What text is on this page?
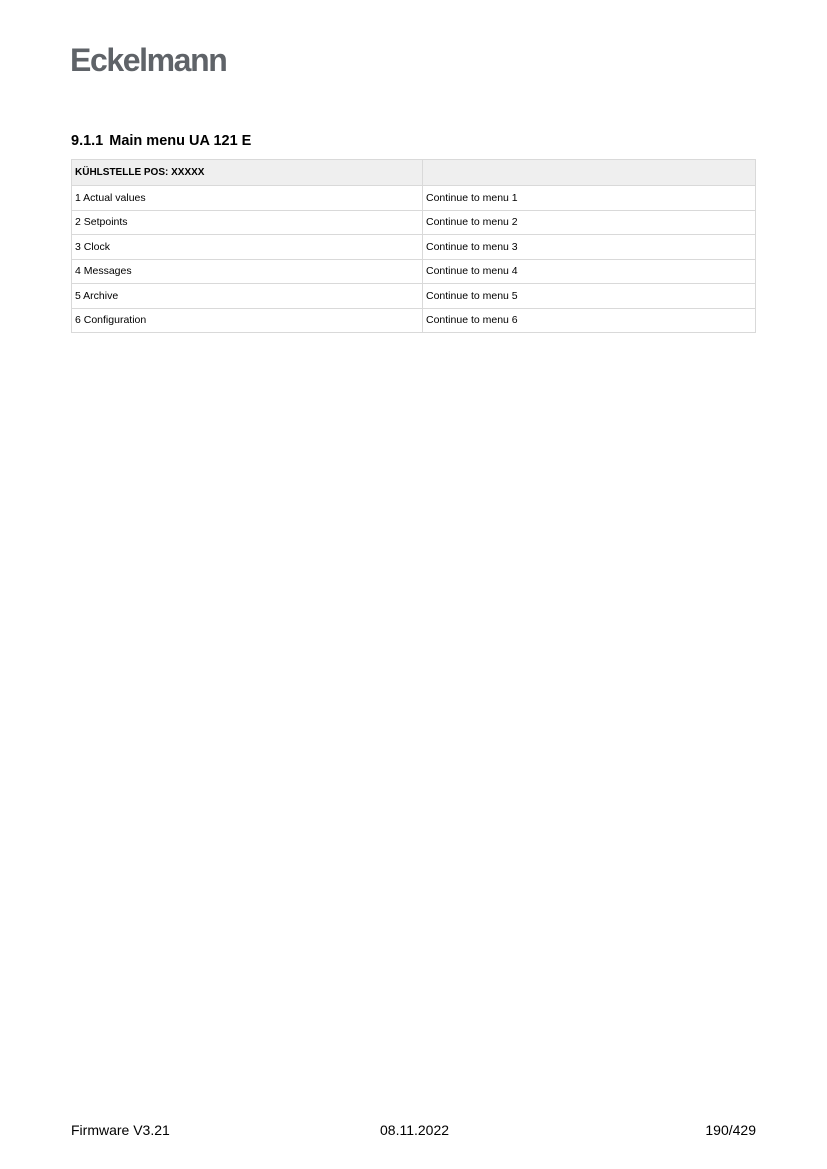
Eckelmann
9.1.1 Main menu UA 121 E
KÜHLSTELLE POS: XXXXX	
1 Actual values	Continue to menu 1
2 Setpoints	Continue to menu 2
3 Clock	Continue to menu 3
4 Messages	Continue to menu 4
5 Archive	Continue to menu 5
6 Configuration	Continue to menu 6
Firmware V3.21	08.11.2022	190/429
